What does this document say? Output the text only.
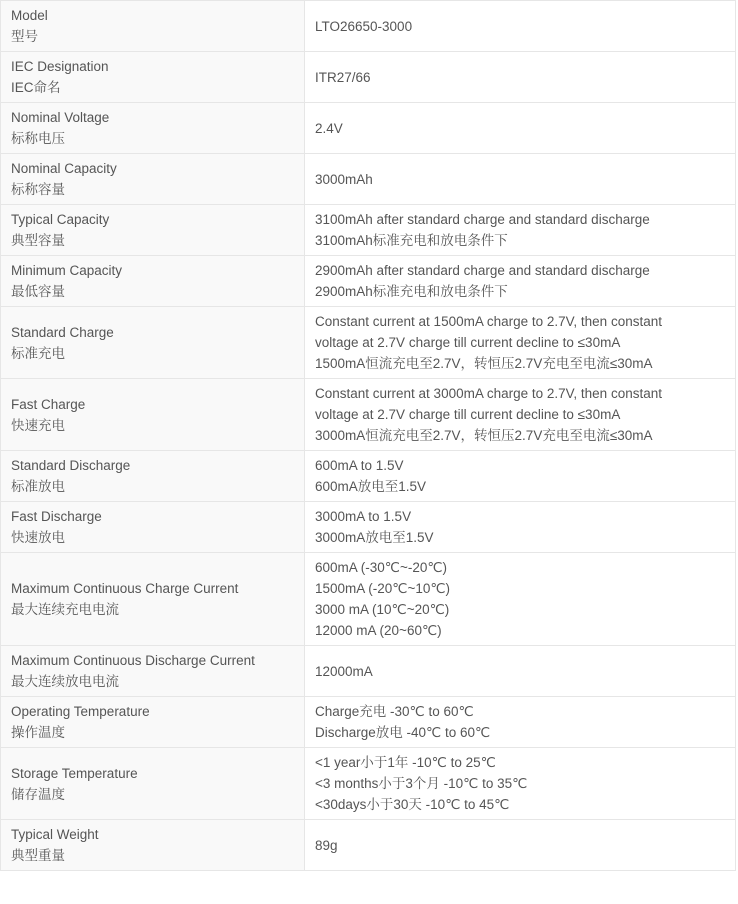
Model
型号	LTO26650-3000

IEC Designation
IEC命名	ITR27/66

Nominal Voltage
标称电压	2.4V

Nominal Capacity
标称容量	3000mAh

Typical Capacity
典型容量	3100mAh after standard charge and standard discharge
3100mAh标准充电和放电条件下

Minimum Capacity
最低容量	2900mAh after standard charge and standard discharge
2900mAh标准充电和放电条件下

Standard Charge
标准充电	Constant current at 1500mA charge to 2.7V, then constant
voltage at 2.7V charge till current decline to ≤30mA
1500mA恒流充电至2.7V，转恒压2.7V充电至电流≤30mA

Fast Charge
快速充电	Constant current at 3000mA charge to 2.7V, then constant
voltage at 2.7V charge till current decline to ≤30mA
3000mA恒流充电至2.7V，转恒压2.7V充电至电流≤30mA

Standard Discharge
标准放电	600mA to 1.5V
600mA放电至1.5V

Fast Discharge
快速放电	3000mA to 1.5V
3000mA放电至1.5V

Maximum Continuous Charge Current
最大连续充电电流	600mA (-30℃~-20℃)
1500mA (-20℃~10℃)
3000 mA (10℃~20℃)
12000 mA (20~60℃)

Maximum Continuous Discharge Current
最大连续放电电流	12000mA

Operating Temperature
操作温度	Charge充电 -30℃ to 60℃
Discharge放电 -40℃ to 60℃

Storage Temperature
储存温度	<1 year小于1年 -10℃ to 25℃
<3 months小于3个月 -10℃ to 35℃
<30days小于30天 -10℃ to 45℃

Typical Weight
典型重量	89g
